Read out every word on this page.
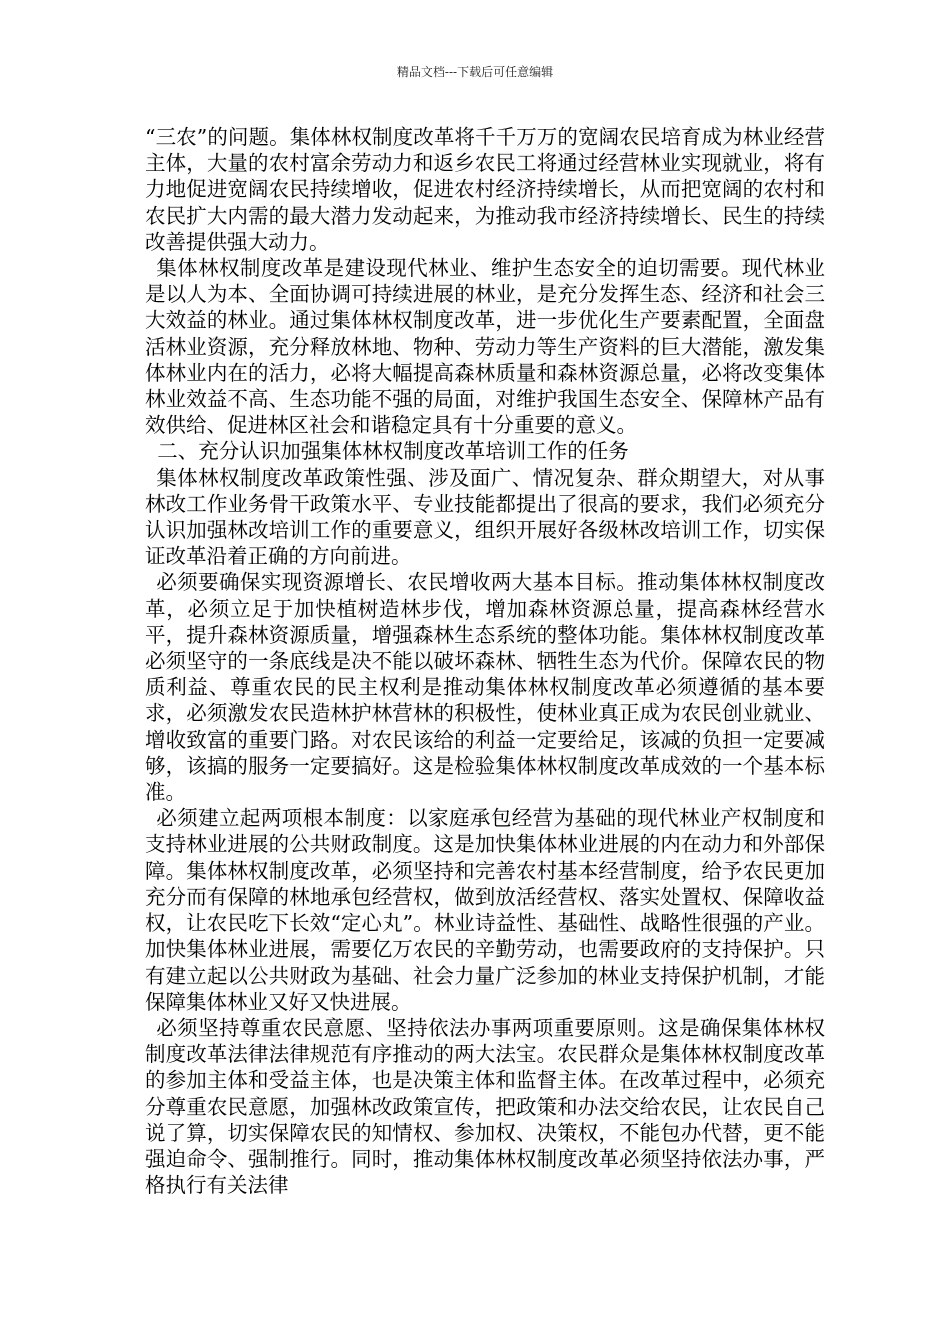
精品文档---下载后可任意编辑

“三农”的问题。集体林权制度改革将千千万万的宽阔农民培育成为林业经营主体，大量的农村富余劳动力和返乡农民工将通过经营林业实现就业，将有力地促进宽阔农民持续增收，促进农村经济持续增长，从而把宽阔的农村和农民扩大内需的最大潜力发动起来，为推动我市经济持续增长、民生的持续改善提供强大动力。

集体林权制度改革是建设现代林业、维护生态安全的迫切需要。现代林业是以人为本、全面协调可持续进展的林业，是充分发挥生态、经济和社会三大效益的林业。通过集体林权制度改革，进一步优化生产要素配置，全面盘活林业资源，充分释放林地、物种、劳动力等生产资料的巨大潜能，激发集体林业内在的活力，必将大幅提高森林质量和森林资源总量，必将改变集体林业效益不高、生态功能不强的局面，对维护我国生态安全、保障林产品有效供给、促进林区社会和谐稳定具有十分重要的意义。

二、充分认识加强集体林权制度改革培训工作的任务

集体林权制度改革政策性强、涉及面广、情况复杂、群众期望大，对从事林改工作业务骨干政策水平、专业技能都提出了很高的要求，我们必须充分认识加强林改培训工作的重要意义，组织开展好各级林改培训工作，切实保证改革沿着正确的方向前进。

必须要确保实现资源增长、农民增收两大基本目标。推动集体林权制度改革，必须立足于加快植树造林步伐，增加森林资源总量，提高森林经营水平，提升森林资源质量，增强森林生态系统的整体功能。集体林权制度改革必须坚守的一条底线是决不能以破坏森林、牺牲生态为代价。保障农民的物质利益、尊重农民的民主权利是推动集体林权制度改革必须遵循的基本要求，必须激发农民造林护林营林的积极性，使林业真正成为农民创业就业、增收致富的重要门路。对农民该给的利益一定要给足，该减的负担一定要减够，该搞的服务一定要搞好。这是检验集体林权制度改革成效的一个基本标准。

必须建立起两项根本制度：以家庭承包经营为基础的现代林业产权制度和支持林业进展的公共财政制度。这是加快集体林业进展的内在动力和外部保障。集体林权制度改革，必须坚持和完善农村基本经营制度，给予农民更加充分而有保障的林地承包经营权，做到放活经营权、落实处置权、保障收益权，让农民吃下长效“定心丸”。林业诗益性、基础性、战略性很强的产业。加快集体林业进展，需要亿万农民的辛勤劳动，也需要政府的支持保护。只有建立起以公共财政为基础、社会力量广泛参加的林业支持保护机制，才能保障集体林业又好又快进展。

必须坚持尊重农民意愿、坚持依法办事两项重要原则。这是确保集体林权制度改革法律法律规范有序推动的两大法宝。农民群众是集体林权制度改革的参加主体和受益主体，也是决策主体和监督主体。在改革过程中，必须充分尊重农民意愿，加强林改政策宣传，把政策和办法交给农民，让农民自己说了算，切实保障农民的知情权、参加权、决策权，不能包办代替，更不能强迫命令、强制推行。同时，推动集体林权制度改革必须坚持依法办事，严格执行有关法律
